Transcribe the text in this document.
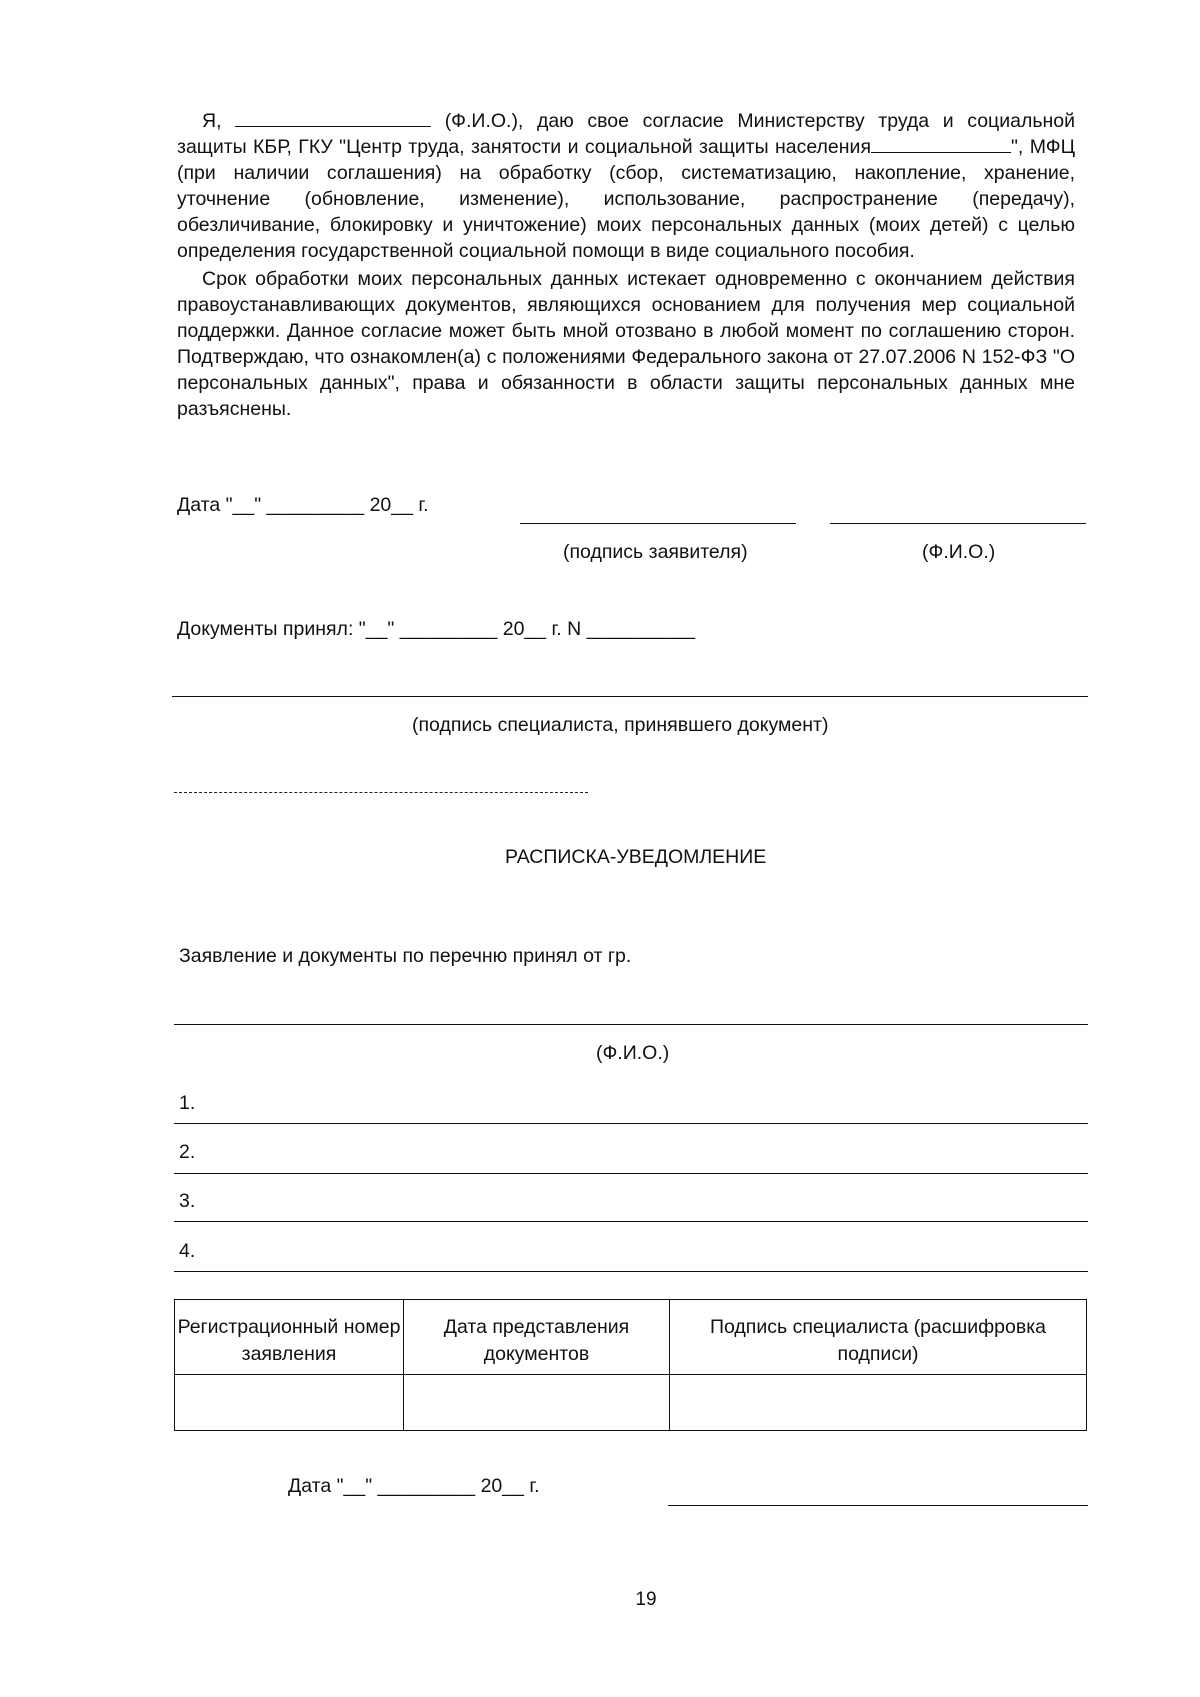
Я,	(Ф.И.О.), даю свое согласие Министерству труда и социальной защиты КБР, ГКУ "Центр труда, занятости и социальной защиты населения	", МФЦ (при наличии соглашения) на обработку (сбор, систематизацию, накопление, хранение, уточнение (обновление, изменение), использование, распространение (передачу), обезличивание, блокировку и уничтожение) моих персональных данных (моих детей) с целью определения государственной социальной помощи в виде социального пособия.

Срок обработки моих персональных данных истекает одновременно с окончанием действия правоустанавливающих документов, являющихся основанием для получения мер социальной поддержки. Данное согласие может быть мной отозвано в любой момент по соглашению сторон. Подтверждаю, что ознакомлен(а) с положениями Федерального закона от 27.07.2006 N 152-ФЗ "О персональных данных", права и обязанности в области защиты персональных данных мне разъяснены.

Дата "__" _________ 20__ г.
(подпись заявителя)	(Ф.И.О.)
Документы принял: "__" _________ 20__ г. N __________
(подпись специалиста, принявшего документ)
РАСПИСКА-УВЕДОМЛЕНИЕ
Заявление и документы по перечню принял от гр.
(Ф.И.О.)
1.
2.
3.
4.
Регистрационный номер заявления	Дата представления документов	Подпись специалиста (расшифровка подписи)

Дата "__" _________ 20__ г.
19
